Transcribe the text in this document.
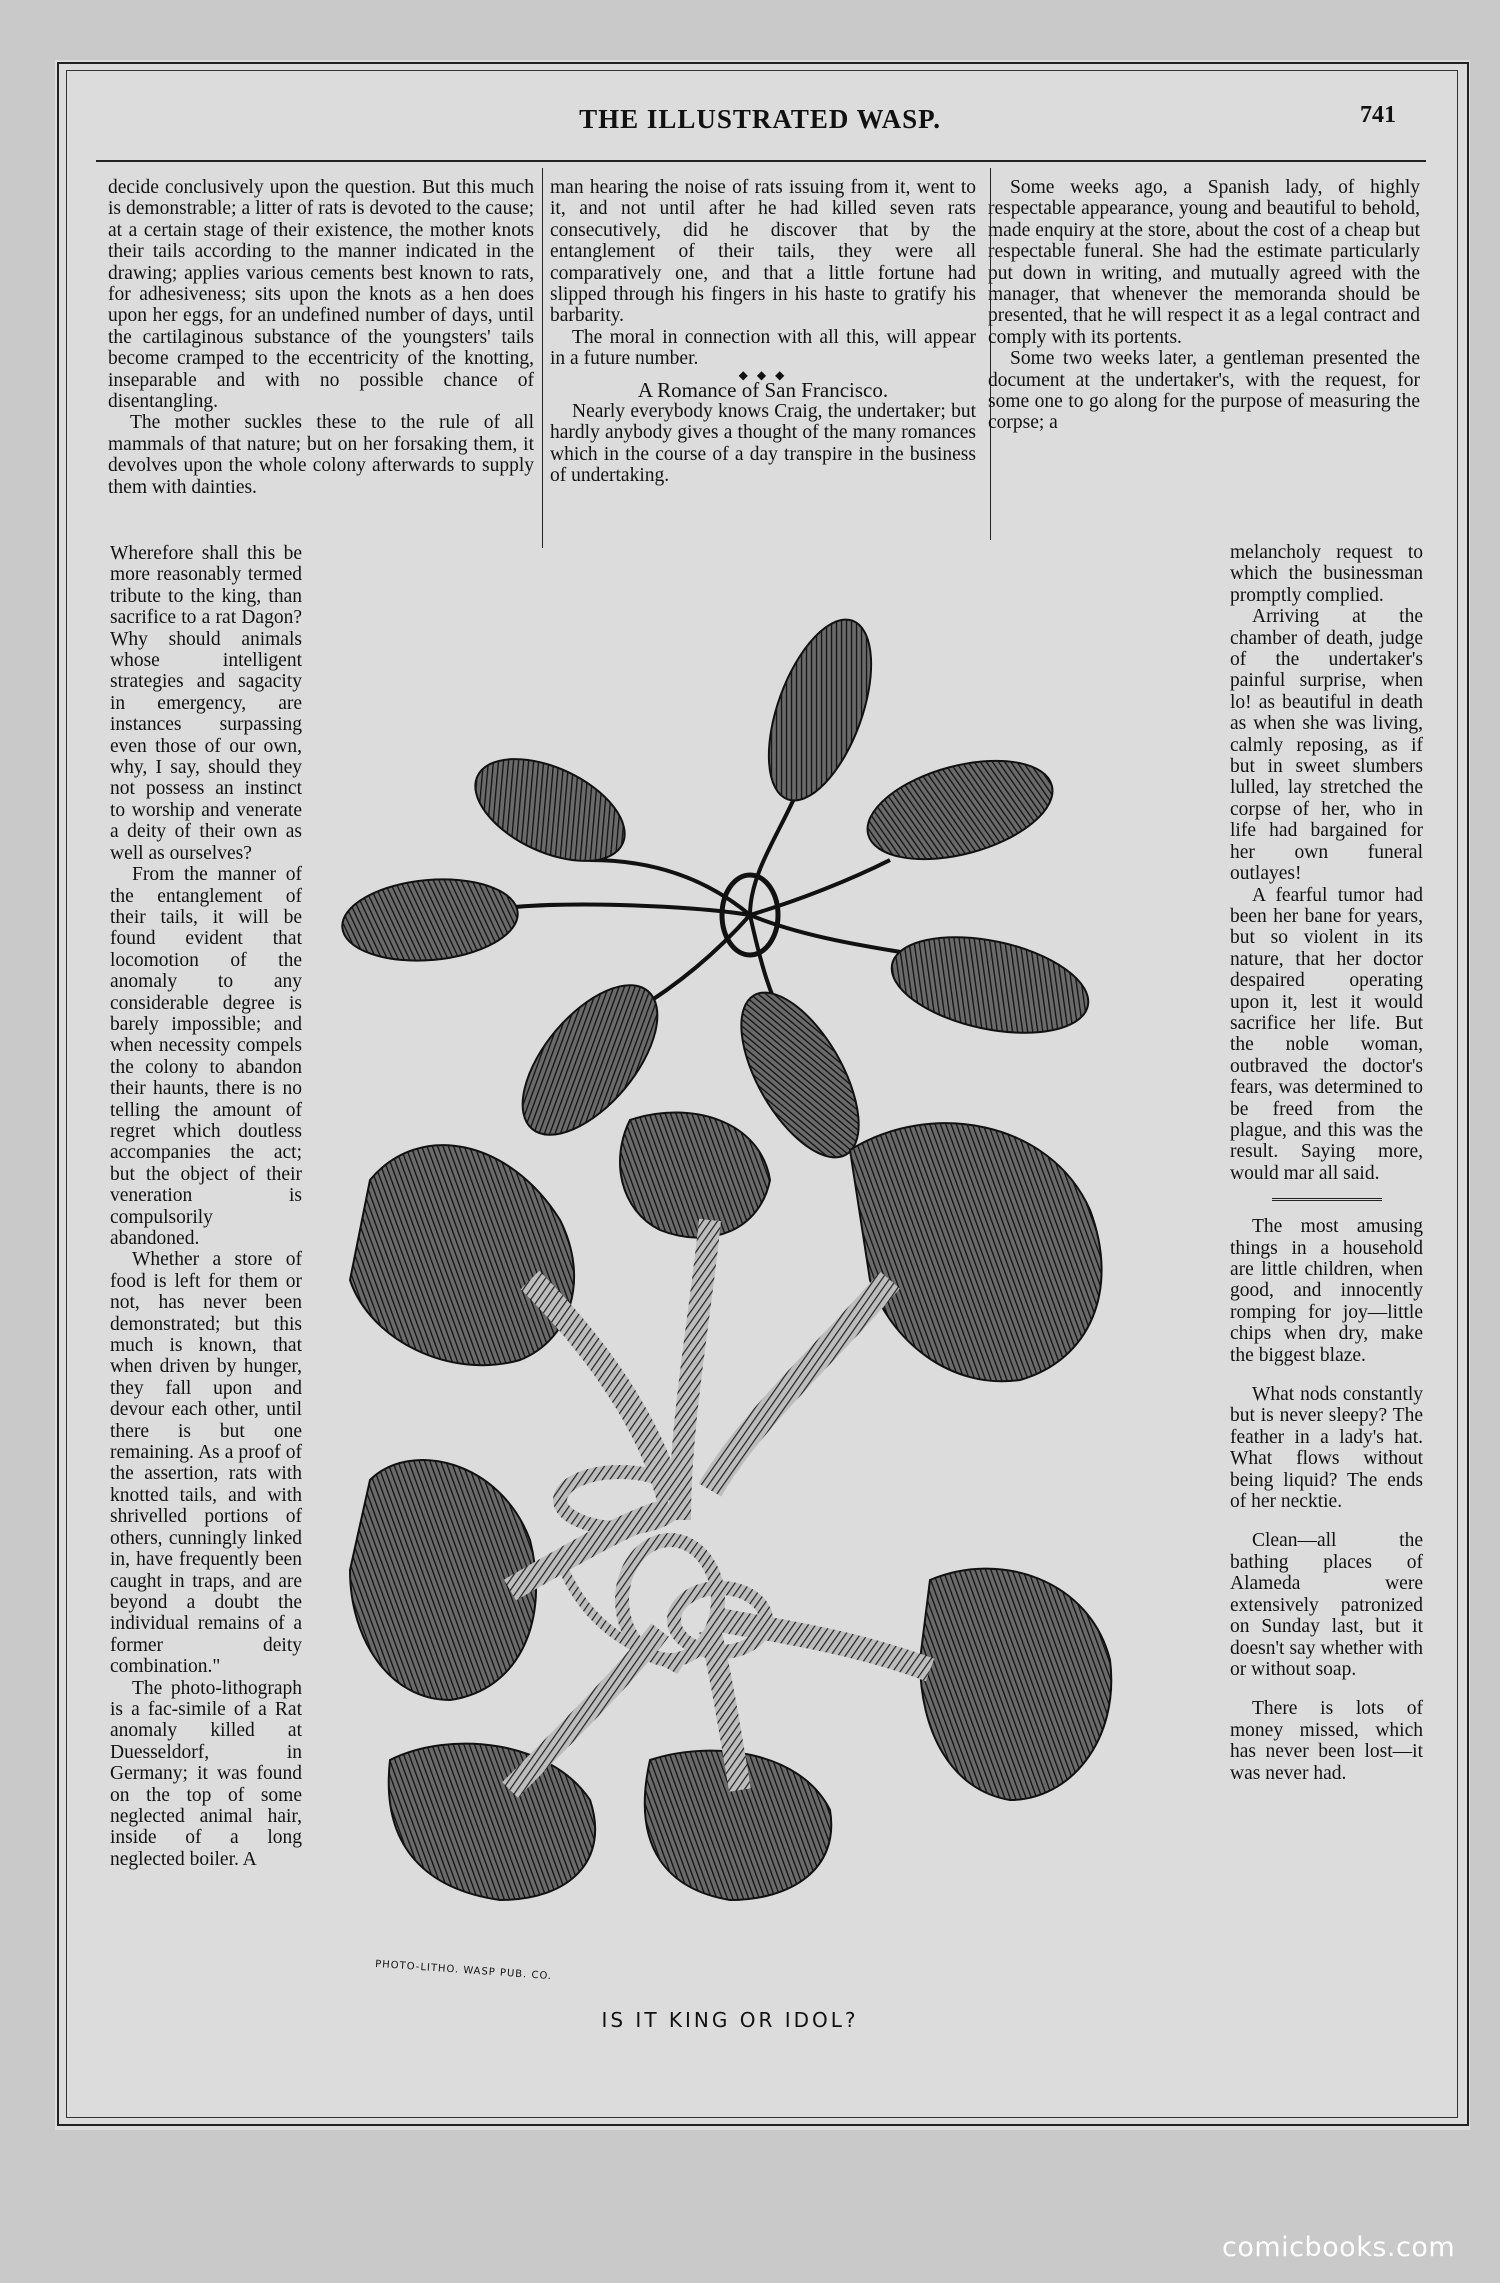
THE ILLUSTRATED WASP.	741

decide conclusively upon the question. But this much is demonstrable; a litter of rats is devoted to the cause; at a certain stage of their existence, the mother knots their tails according to the manner indicated in the drawing; applies various cements best known to rats, for adhesiveness; sits upon the knots as a hen does upon her eggs, for an undefined number of days, until the cartilaginous substance of the youngsters' tails become cramped to the eccentricity of the knotting, inseparable and with no possible chance of disentangling.

The mother suckles these to the rule of all mammals of that nature; but on her forsaking them, it devolves upon the whole colony afterwards to supply them with dainties.

Wherefore shall this be more reasonably termed tribute to the king, than sacrifice to a rat Dagon? Why should animals whose intelligent strategies and sagacity in emergency, are instances surpassing even those of our own, why, I say, should they not possess an instinct to worship and venerate a deity of their own as well as ourselves?

From the manner of the entanglement of their tails, it will be found evident that locomotion of the anomaly to any considerable degree is barely impossible; and when necessity compels the colony to abandon their haunts, there is no telling the amount of regret which doutless accompanies the act; but the object of their veneration is compulsorily abandoned.

Whether a store of food is left for them or not, has never been demonstrated; but this much is known, that when driven by hunger, they fall upon and devour each other, until there is but one remaining. As a proof of the assertion, rats with knotted tails, and with shrivelled portions of others, cunningly linked in, have frequently been caught in traps, and are beyond a doubt the individual remains of a former deity combination."

The photo-lithograph is a fac-simile of a Rat anomaly killed at Duesseldorf, in Germany; it was found on the top of some neglected animal hair, inside of a long neglected boiler. A

man hearing the noise of rats issuing from it, went to it, and not until after he had killed seven rats consecutively, did he discover that by the entanglement of their tails, they were all comparatively one, and that a little fortune had slipped through his fingers in his haste to gratify his barbarity.

The moral in connection with all this, will appear in a future number.

◆ ◆ ◆

A Romance of San Francisco.

Nearly everybody knows Craig, the undertaker; but hardly anybody gives a thought of the many romances which in the course of a day transpire in the business of undertaking.

Some weeks ago, a Spanish lady, of highly respectable appearance, young and beautiful to behold, made enquiry at the store, about the cost of a cheap but respectable funeral. She had the estimate particularly put down in writing, and mutually agreed with the manager, that whenever the memoranda should be presented, that he will respect it as a legal contract and comply with its portents.

Some two weeks later, a gentleman presented the document at the undertaker's, with the request, for some one to go along for the purpose of measuring the corpse; a

melancholy request to which the businessman promptly complied.

Arriving at the chamber of death, judge of the undertaker's painful surprise, when lo! as beautiful in death as when she was living, calmly reposing, as if but in sweet slumbers lulled, lay stretched the corpse of her, who in life had bargained for her own funeral outlayes!

A fearful tumor had been her bane for years, but so violent in its nature, that her doctor despaired operating upon it, lest it would sacrifice her life. But the noble woman, outbraved the doctor's fears, was determined to be freed from the plague, and this was the result. Saying more, would mar all said.

The most amusing things in a household are little children, when good, and innocently romping for joy—little chips when dry, make the biggest blaze.

What nods constantly but is never sleepy? The feather in a lady's hat. What flows without being liquid? The ends of her necktie.

Clean—all the bathing places of Alameda were extensively patronized on Sunday last, but it doesn't say whether with or without soap.

There is lots of money missed, which has never been lost—it was never had.

PHOTO-LITHO. WASP PUB. CO.
IS IT KING OR IDOL?
comicbooks.com
